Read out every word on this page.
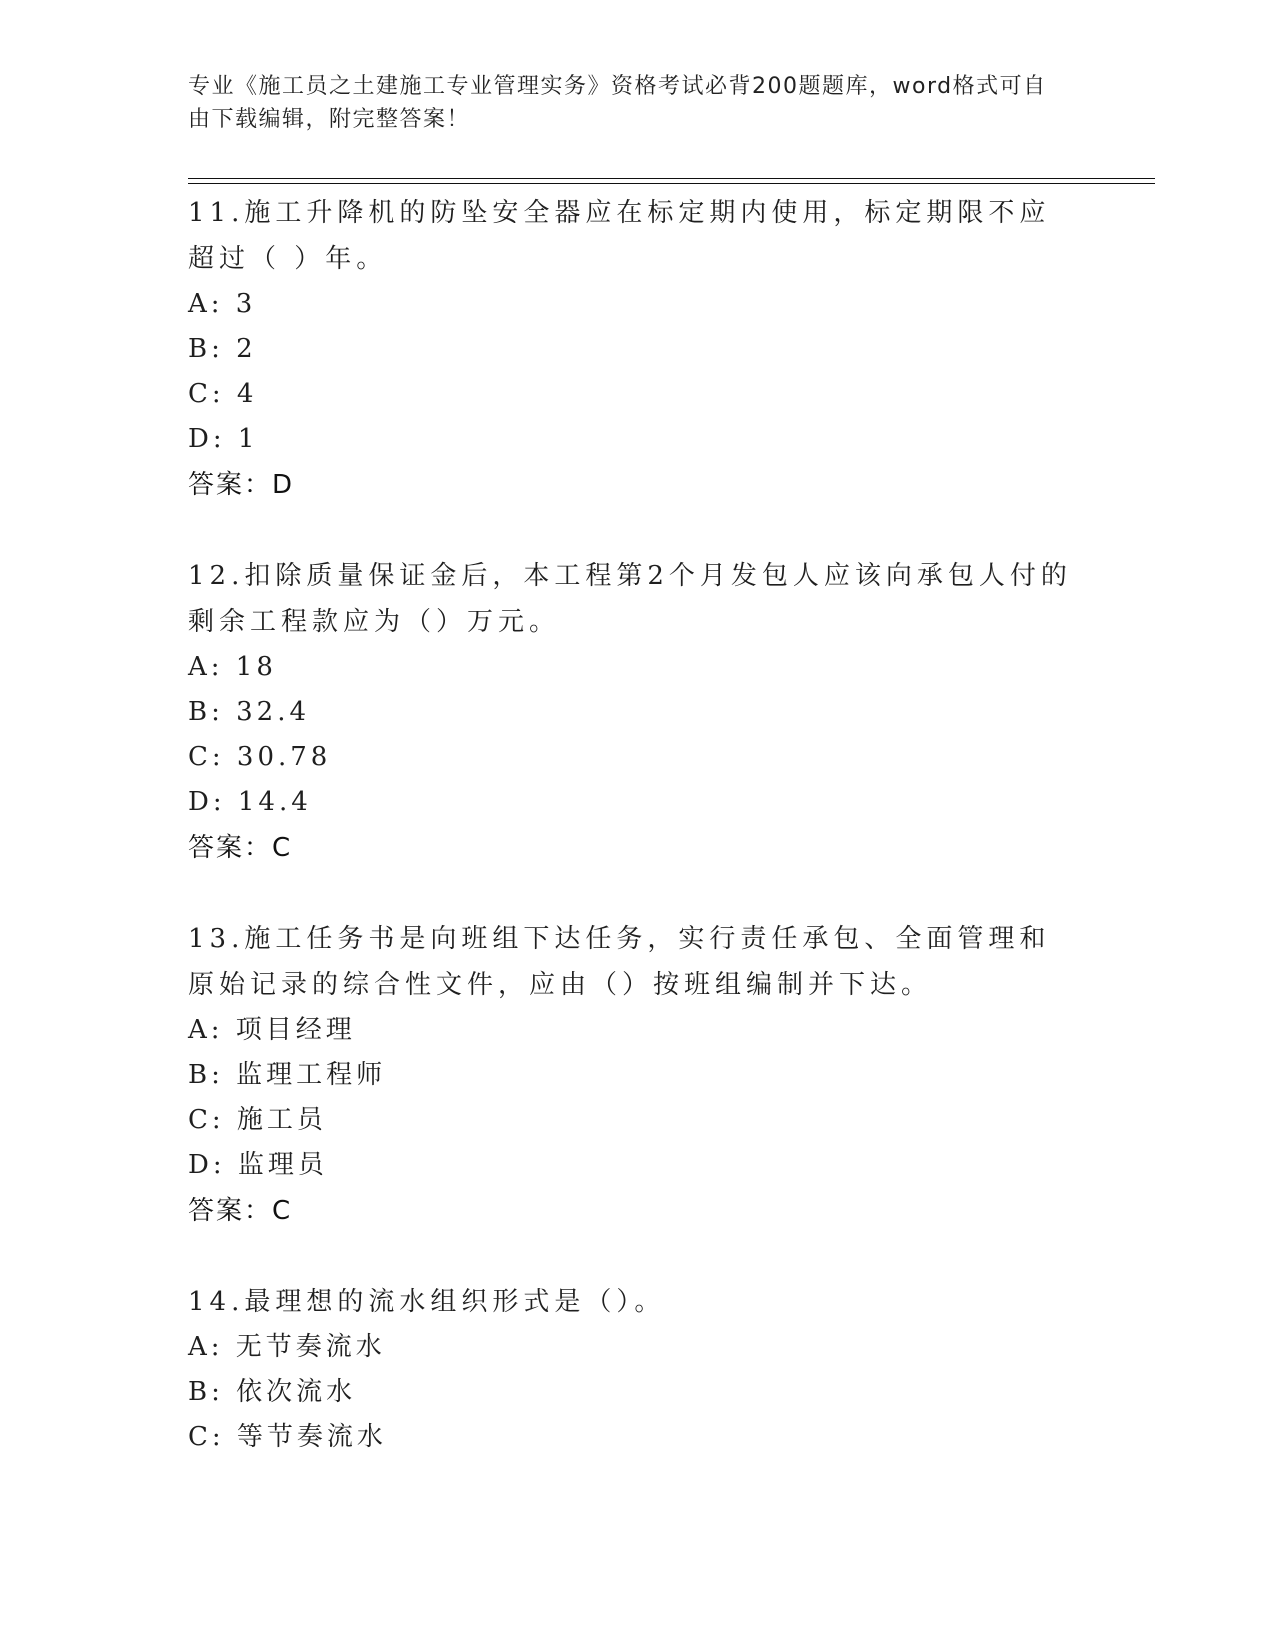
专业《施工员之土建施工专业管理实务》资格考试必背200题题库，word格式可自由下载编辑，附完整答案！
11.施工升降机的防坠安全器应在标定期内使用，标定期限不应超过（ ）年。
A: 3
B: 2
C: 4
D: 1
答案：D
12.扣除质量保证金后，本工程第2个月发包人应该向承包人付的剩余工程款应为（）万元。
A: 18
B: 32.4
C: 30.78
D: 14.4
答案：C
13.施工任务书是向班组下达任务，实行责任承包、全面管理和原始记录的综合性文件，应由（）按班组编制并下达。
A: 项目经理
B: 监理工程师
C: 施工员
D: 监理员
答案：C
14.最理想的流水组织形式是（）。
A: 无节奏流水
B: 依次流水
C: 等节奏流水
